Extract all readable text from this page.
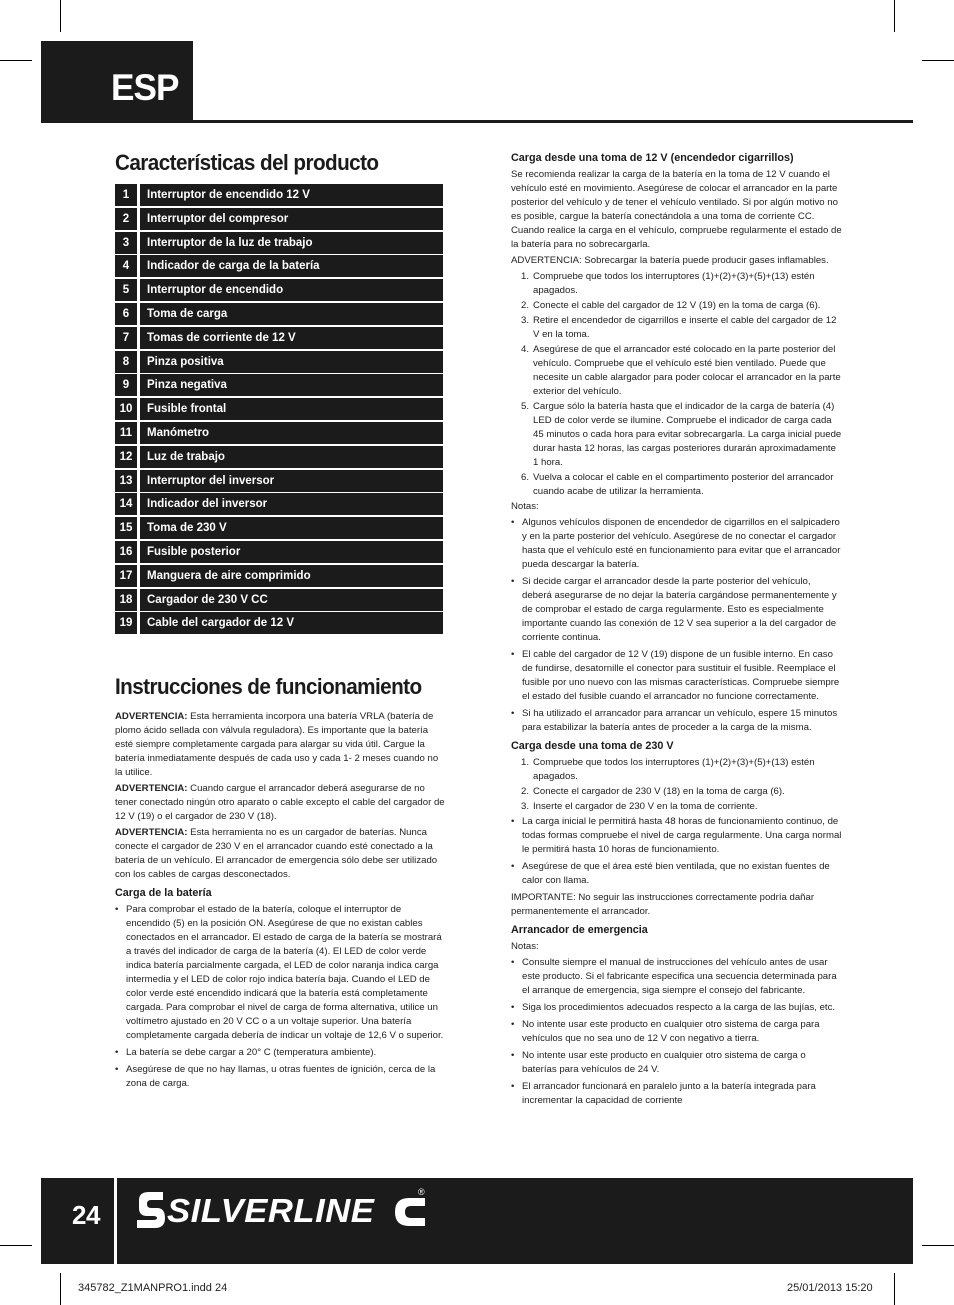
ESP
Características del producto
1	Interruptor de encendido 12 V
2	Interruptor del compresor
3	Interruptor de la luz de trabajo
4	Indicador de carga de la batería
5	Interruptor de encendido
6	Toma de carga
7	Tomas de corriente de 12 V
8	Pinza positiva
9	Pinza negativa
10	Fusible frontal
11	Manómetro
12	Luz de trabajo
13	Interruptor del inversor
14	Indicador del inversor
15	Toma de 230 V
16	Fusible posterior
17	Manguera de aire comprimido
18	Cargador de 230 V CC
19	Cable del cargador de 12 V
Instrucciones de funcionamiento

ADVERTENCIA: Esta herramienta incorpora una batería VRLA (batería de plomo ácido sellada con válvula reguladora). Es importante que la batería esté siempre completamente cargada para alargar su vida útil. Cargue la batería inmediatamente después de cada uso y cada 1- 2 meses cuando no la utilice.

ADVERTENCIA: Cuando cargue el arrancador deberá asegurarse de no tener conectado ningún otro aparato o cable excepto el cable del cargador de 12 V (19) o el cargador de 230 V (18).

ADVERTENCIA: Esta herramienta no es un cargador de baterías. Nunca conecte el cargador de 230 V en el arrancador cuando esté conectado a la batería de un vehículo. El arrancador de emergencia sólo debe ser utilizado con los cables de cargas desconectados.

Carga de la batería
• Para comprobar el estado de la batería, coloque el interruptor de encendido (5) en la posición ON. Asegúrese de que no existan cables conectados en el arrancador. El estado de carga de la batería se mostrará a través del indicador de carga de la batería (4). El LED de color verde indica batería parcialmente cargada, el LED de color naranja indica carga intermedia y el LED de color rojo indica batería baja. Cuando el LED de color verde esté encendido indicará que la batería está completamente cargada. Para comprobar el nivel de carga de forma alternativa, utilice un voltímetro ajustado en 20 V CC o a un voltaje superior. Una batería completamente cargada debería de indicar un voltaje de 12,6 V o superior.
• La batería se debe cargar a 20° C (temperatura ambiente).
• Asegúrese de que no hay llamas, u otras fuentes de ignición, cerca de la zona de carga.
Carga desde una toma de 12 V (encendedor cigarrillos)

Se recomienda realizar la carga de la batería en la toma de 12 V cuando el vehículo esté en movimiento. Asegúrese de colocar el arrancador en la parte posterior del vehículo y de tener el vehículo ventilado. Si por algún motivo no es posible, cargue la batería conectándola a una toma de corriente CC. Cuando realice la carga en el vehículo, compruebe regularmente el estado de la batería para no sobrecargarla.

ADVERTENCIA: Sobrecargar la batería puede producir gases inflamables.

1. Compruebe que todos los interruptores (1)+(2)+(3)+(5)+(13) estén apagados.
2. Conecte el cable del cargador de 12 V (19) en la toma de carga (6).
3. Retire el encendedor de cigarrillos e inserte el cable del cargador de 12 V en la toma.
4. Asegúrese de que el arrancador esté colocado en la parte posterior del vehículo. Compruebe que el vehículo esté bien ventilado. Puede que necesite un cable alargador para poder colocar el arrancador en la parte exterior del vehículo.
5. Cargue sólo la batería hasta que el indicador de la carga de batería (4) LED de color verde se ilumine. Compruebe el indicador de carga cada 45 minutos o cada hora para evitar sobrecargarla. La carga inicial puede durar hasta 12 horas, las cargas posteriores durarán aproximadamente 1 hora.
6. Vuelva a colocar el cable en el compartimento posterior del arrancador cuando acabe de utilizar la herramienta.

Notas:

• Algunos vehículos disponen de encendedor de cigarrillos en el salpicadero y en la parte posterior del vehículo. Asegúrese de no conectar el cargador hasta que el vehículo esté en funcionamiento para evitar que el arrancador pueda descargar la batería.
• Si decide cargar el arrancador desde la parte posterior del vehículo, deberá asegurarse de no dejar la batería cargándose permanentemente y de comprobar el estado de carga regularmente. Esto es especialmente importante cuando las conexión de 12 V sea superior a la del cargador de corriente continua.
• El cable del cargador de 12 V (19) dispone de un fusible interno. En caso de fundirse, desatornille el conector para sustituir el fusible. Reemplace el fusible por uno nuevo con las mismas características. Compruebe siempre el estado del fusible cuando el arrancador no funcione correctamente.
• Si ha utilizado el arrancador para arrancar un vehículo, espere 15 minutos para estabilizar la batería antes de proceder a la carga de la misma.
Carga desde una toma de 230 V
1. Compruebe que todos los interruptores (1)+(2)+(3)+(5)+(13) estén apagados.
2. Conecte el cargador de 230 V (18) en la toma de carga (6).
3. Inserte el cargador de 230 V en la toma de corriente.
• La carga inicial le permitirá hasta 48 horas de funcionamiento continuo, de todas formas compruebe el nivel de carga regularmente. Una carga normal le permitirá hasta 10 horas de funcionamiento.
• Asegúrese de que el área esté bien ventilada, que no existan fuentes de calor con llama.

IMPORTANTE: No seguir las instrucciones correctamente podría dañar permanentemente el arrancador.

Arrancador de emergencia

Notas:

• Consulte siempre el manual de instrucciones del vehículo antes de usar este producto. Si el fabricante especifica una secuencia determinada para el arranque de emergencia, siga siempre el consejo del fabricante.
• Siga los procedimientos adecuados respecto a la carga de las bujías, etc.
• No intente usar este producto en cualquier otro sistema de carga para vehículos que no sea uno de 12 V con negativo a tierra.
• No intente usar este producto en cualquier otro sistema de carga o baterías para vehículos de 24 V.
• El arrancador funcionará en paralelo junto a la batería integrada para incrementar la capacidad de corriente
24 SILVERLINE	®
345782_Z1MANPRO1.indd 24	25/01/2013 15:20
